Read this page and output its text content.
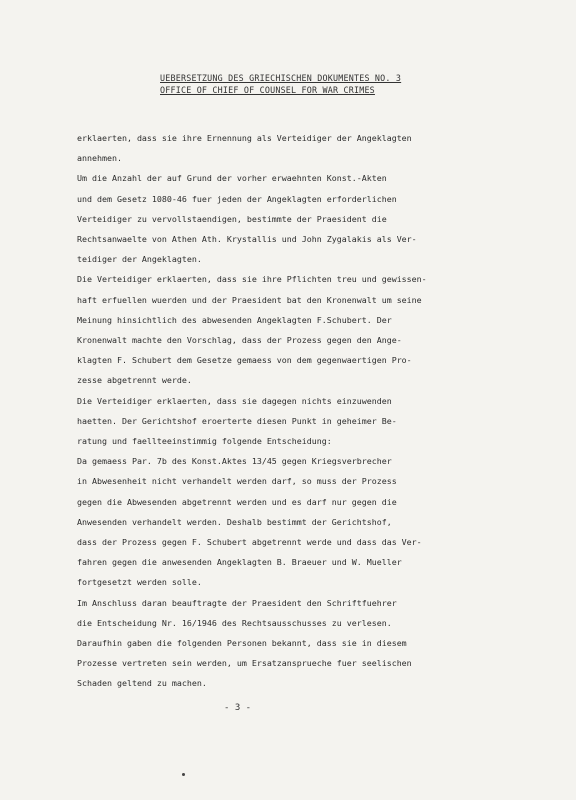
UEBERSETZUNG DES GRIECHISCHEN DOKUMENTES NO. 3
OFFICE OF CHIEF OF COUNSEL FOR WAR CRIMES
erklaerten, dass sie ihre Ernennung als Verteidiger der Angeklagten
annehmen.
Um die Anzahl der auf Grund der vorher erwaehnten Konst.-Akten
und dem Gesetz 1080-46 fuer jeden der Angeklagten erforderlichen
Verteidiger zu vervollstaendigen, bestimmte der Praesident die
Rechtsanwaelte von Athen Ath. Krystallis und John Zygalakis als Ver-
teidiger der Angeklagten.
Die Verteidiger erklaerten, dass sie ihre Pflichten treu und gewissen-
haft erfuellen wuerden und der Praesident bat den Kronenwalt um seine
Meinung hinsichtlich des abwesenden Angeklagten F.Schubert. Der
Kronenwalt machte den Vorschlag, dass der Prozess gegen den Ange-
klagten F. Schubert dem Gesetze gemaess von dem gegenwaertigen Pro-
zesse abgetrennt werde.
Die Verteidiger erklaerten, dass sie dagegen nichts einzuwenden
haetten. Der Gerichtshof eroerterte diesen Punkt in geheimer Be-
ratung und faellteeinstimmig folgende Entscheidung:
Da gemaess Par. 7b des Konst.Aktes 13/45 gegen Kriegsverbrecher
in Abwesenheit nicht verhandelt werden darf, so muss der Prozess
gegen die Abwesenden abgetrennt werden und es darf nur gegen die
Anwesenden verhandelt werden. Deshalb bestimmt der Gerichtshof,
dass der Prozess gegen F. Schubert abgetrennt werde und dass das Ver-
fahren gegen die anwesenden Angeklagten B. Braeuer und W. Mueller
fortgesetzt werden solle.
Im Anschluss daran beauftragte der Praesident den Schriftfuehrer
die Entscheidung Nr. 16/1946 des Rechtsausschusses zu verlesen.
Daraufhin gaben die folgenden Personen bekannt, dass sie in diesem
Prozesse vertreten sein werden, um Ersatzansprueche fuer seelischen
Schaden geltend zu machen.
- 3 -
